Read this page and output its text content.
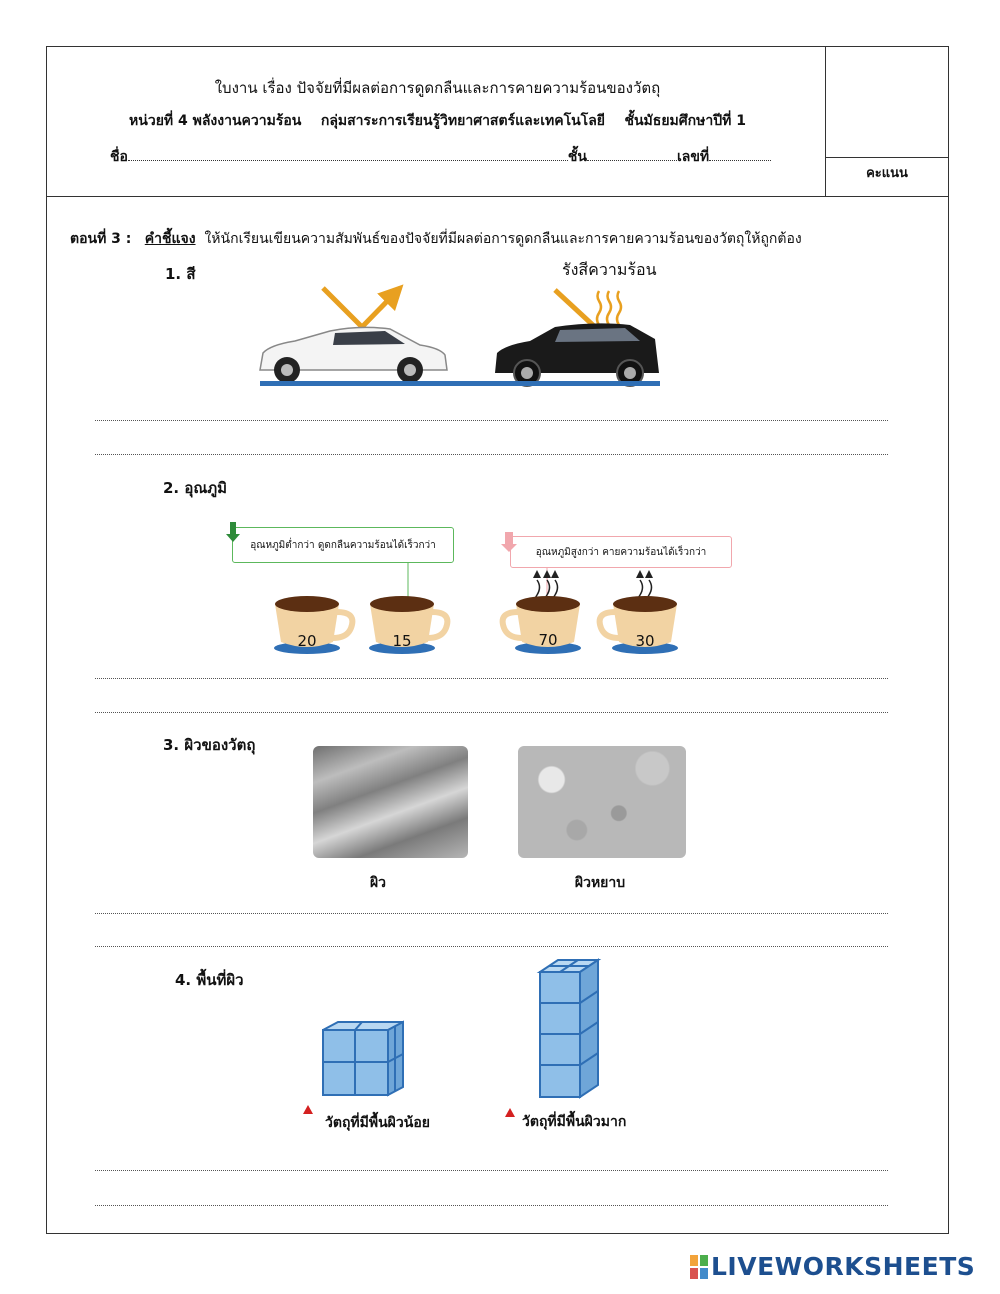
คะแนน
ใบงาน เรื่อง ปัจจัยที่มีผลต่อการดูดกลืนและการคายความร้อนของวัตถุ
หน่วยที่ 4 พลังงานความร้อน    กลุ่มสาระการเรียนรู้วิทยาศาสตร์และเทคโนโลยี    ชั้นมัธยมศึกษาปีที่ 1
ชื่อ	ชั้น	เลขที่
ตอนที่ 3 : คำชี้แจง ให้นักเรียนเขียนความสัมพันธ์ของปัจจัยที่มีผลต่อการดูดกลืนและการคายความร้อนของวัตถุให้ถูกต้อง
1. สี	รังสีความร้อน
2. อุณภูมิ
อุณหภูมิต่ำกว่า ดูดกลืนความร้อนได้เร็วกว่า
อุณหภูมิสูงกว่า คายความร้อนได้เร็วกว่า
20	15	70	30
3. ผิวของวัตถุ
ผิว	ผิวหยาบ
4. พื้นที่ผิว
วัตถุที่มีพื้นผิวน้อย	วัตถุที่มีพื้นผิวมาก
LIVEWORKSHEETS
